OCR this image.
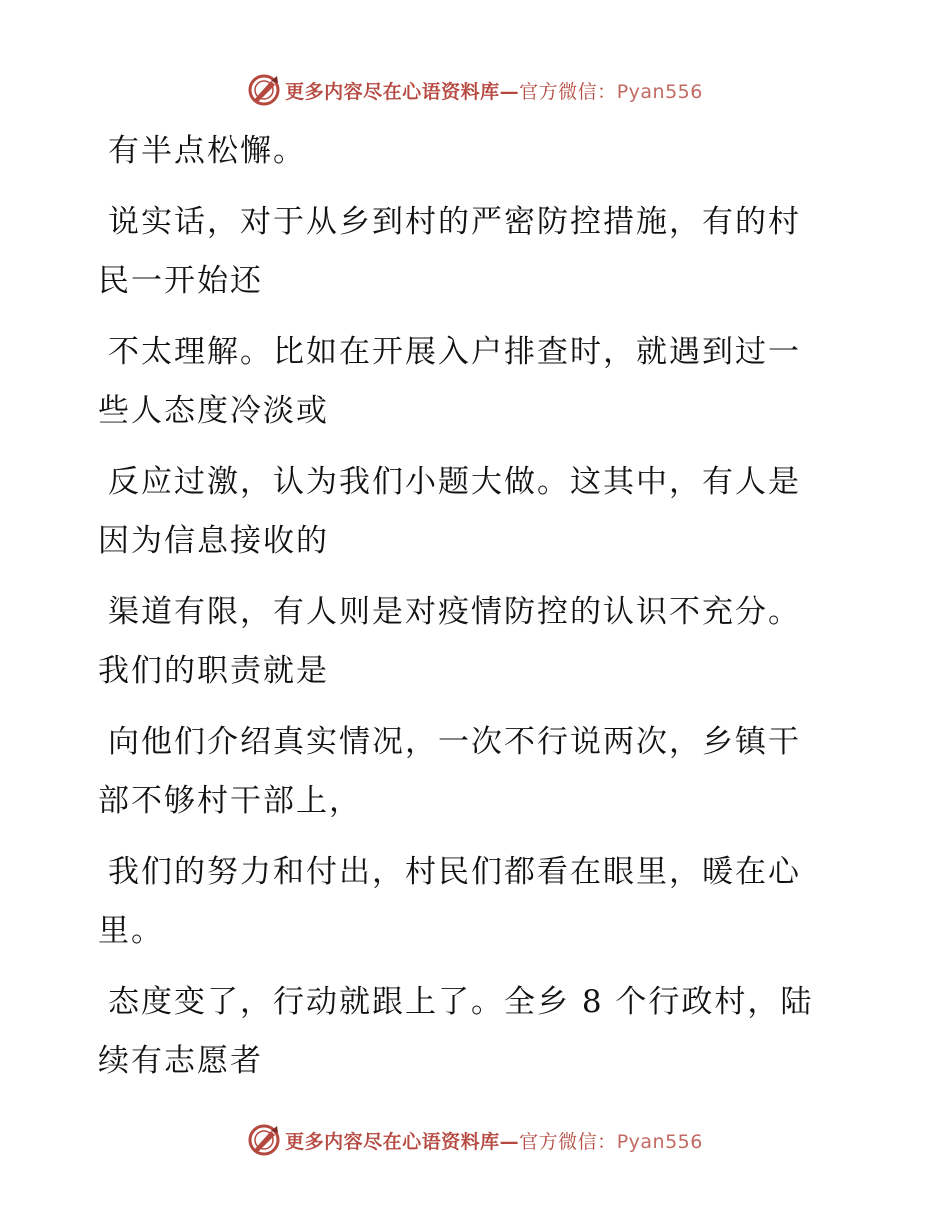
更多内容尽在心语资料库—官方微信：Pyan556

有半点松懈。

说实话，对于从乡到村的严密防控措施，有的村
民一开始还

不太理解。比如在开展入户排查时，就遇到过一
些人态度冷淡或

反应过激，认为我们小题大做。这其中，有人是
因为信息接收的

渠道有限，有人则是对疫情防控的认识不充分。
我们的职责就是

向他们介绍真实情况，一次不行说两次，乡镇干
部不够村干部上，

我们的努力和付出，村民们都看在眼里，暖在心
里。

态度变了，行动就跟上了。全乡 8 个行政村，陆
续有志愿者

更多内容尽在心语资料库—官方微信：Pyan556
